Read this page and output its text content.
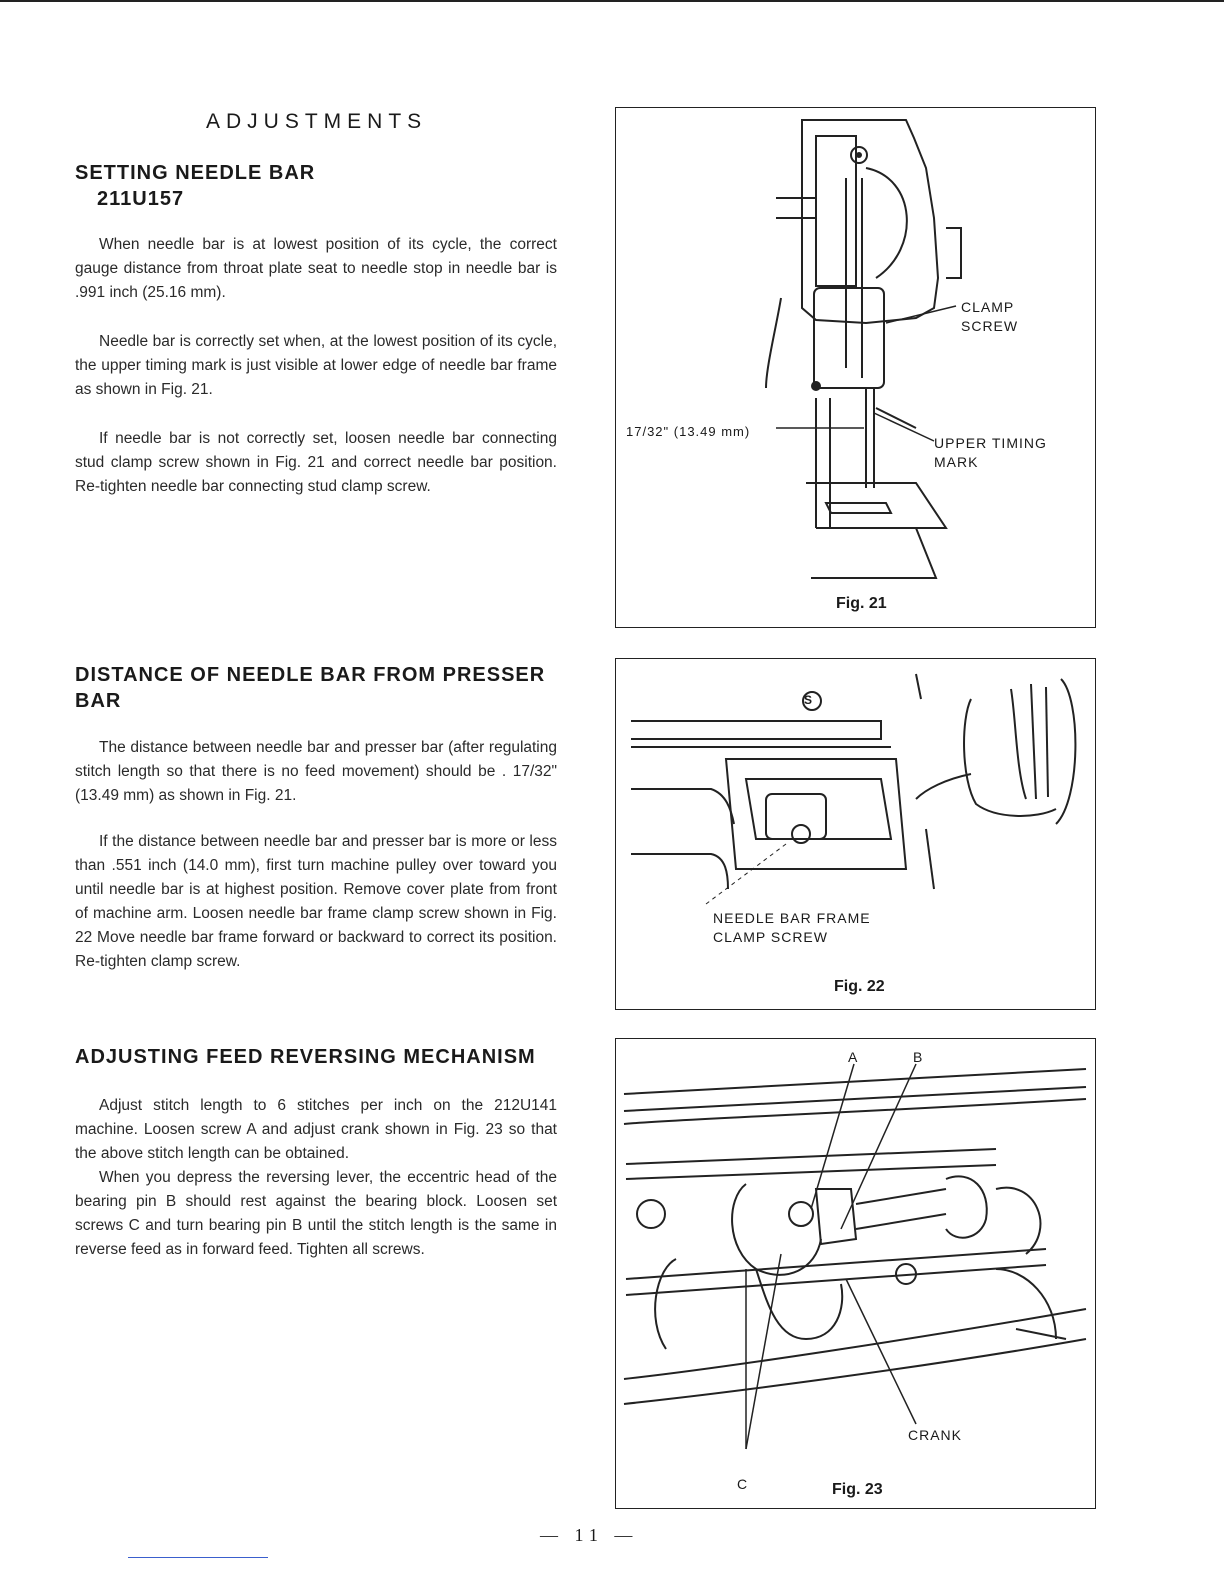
ADJUSTMENTS
SETTING NEEDLE BAR
211U157

When needle bar is at lowest position of its cycle, the correct gauge distance from throat plate seat to needle stop in needle bar is .991 inch (25.16 mm).

Needle bar is correctly set when, at the lowest position of its cycle, the upper timing mark is just visible at lower edge of needle bar frame as shown in Fig. 21.

If needle bar is not correctly set, loosen needle bar connecting stud clamp screw shown in Fig. 21 and correct needle bar position. Re-tighten needle bar connecting stud clamp screw.

DISTANCE OF NEEDLE BAR FROM PRESSER
BAR

The distance between needle bar and presser bar (after regulating stitch length so that there is no feed movement) should be . 17/32" (13.49 mm) as shown in Fig. 21.

If the distance between needle bar and presser bar is more or less than .551 inch (14.0 mm), first turn machine pulley over toward you until needle bar is at highest position. Remove cover plate from front of machine arm. Loosen needle bar frame clamp screw shown in Fig. 22 Move needle bar frame forward or backward to correct its position. Re-tighten clamp screw.

ADJUSTING FEED REVERSING MECHANISM

Adjust stitch length to 6 stitches per inch on the 212U141 machine. Loosen screw A and adjust crank shown in Fig. 23 so that the above stitch length can be obtained.

When you depress the reversing lever, the eccentric head of the bearing pin B should rest against the bearing block. Loosen set screws C and turn bearing pin B until the stitch length is the same in reverse feed as in forward feed. Tighten all screws.

CLAMP
SCREW
UPPER TIMING
MARK
17/32" (13.49 mm)
Fig. 21
S
NEEDLE BAR FRAME
CLAMP SCREW
Fig. 22
A	B
C
CRANK
Fig. 23
— 11 —
